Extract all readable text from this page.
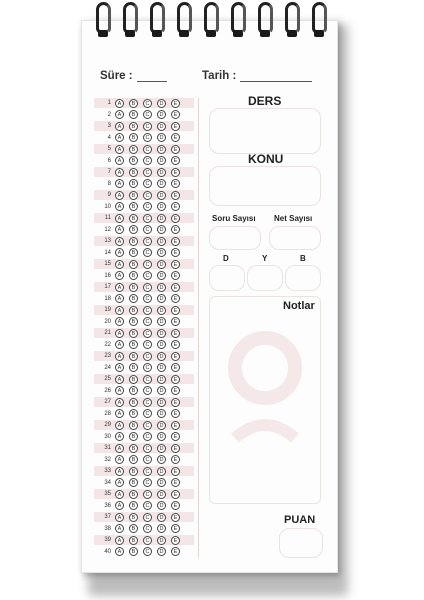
Süre :	Tarih :
1	A	B	C	D	E
2	A	B	C	D	E
3	A	B	C	D	E
4	A	B	C	D	E
5	A	B	C	D	E
6	A	B	C	D	E
7	A	B	C	D	E
8	A	B	C	D	E
9	A	B	C	D	E
10	A	B	C	D	E
11	A	B	C	D	E
12	A	B	C	D	E
13	A	B	C	D	E
14	A	B	C	D	E
15	A	B	C	D	E
16	A	B	C	D	E
17	A	B	C	D	E
18	A	B	C	D	E
19	A	B	C	D	E
20	A	B	C	D	E
21	A	B	C	D	E
22	A	B	C	D	E
23	A	B	C	D	E
24	A	B	C	D	E
25	A	B	C	D	E
26	A	B	C	D	E
27	A	B	C	D	E
28	A	B	C	D	E
29	A	B	C	D	E
30	A	B	C	D	E
31	A	B	C	D	E
32	A	B	C	D	E
33	A	B	C	D	E
34	A	B	C	D	E
35	A	B	C	D	E
36	A	B	C	D	E
37	A	B	C	D	E
38	A	B	C	D	E
39	A	B	C	D	E
40	A	B	C	D	E
DERS
KONU
Soru Sayısı Net Sayısı
D	Y	B
Notlar
PUAN
